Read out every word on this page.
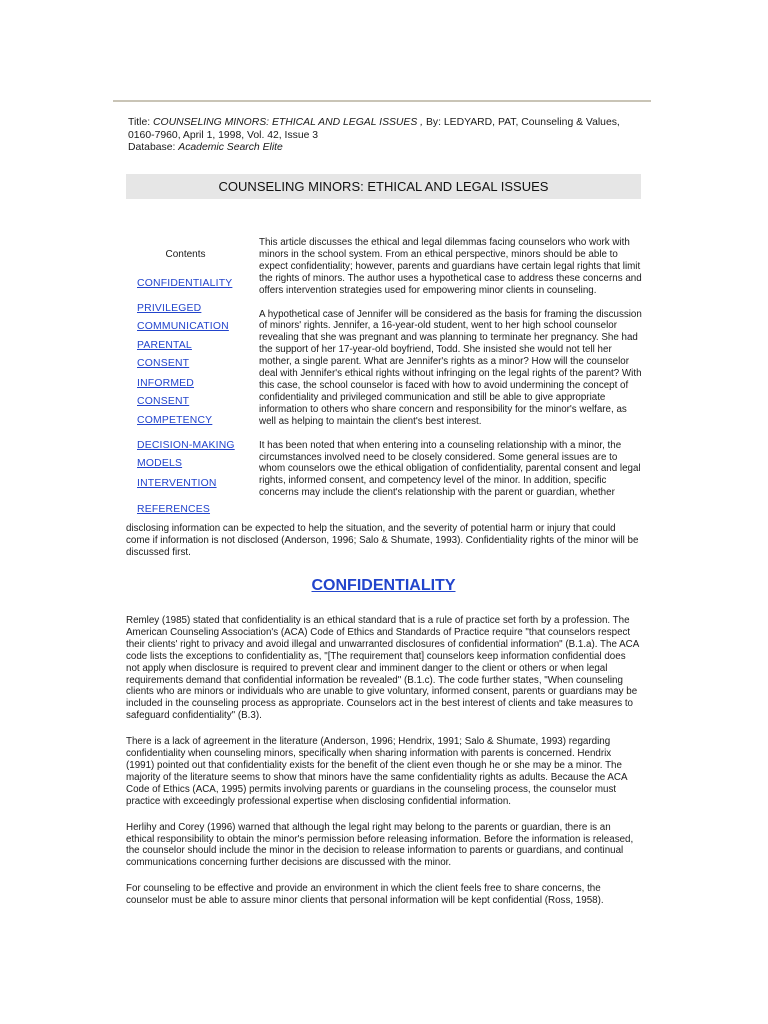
Title: COUNSELING MINORS: ETHICAL AND LEGAL ISSUES , By: LEDYARD, PAT, Counseling & Values, 0160-7960, April 1, 1998, Vol. 42, Issue 3
Database: Academic Search Elite
COUNSELING MINORS: ETHICAL AND LEGAL ISSUES
Contents
CONFIDENTIALITY
PRIVILEGED
COMMUNICATION
PARENTAL
CONSENT
INFORMED
CONSENT
COMPETENCY
DECISION-MAKING
MODELS
INTERVENTION
REFERENCES

This article discusses the ethical and legal dilemmas facing counselors who work with minors in the school system. From an ethical perspective, minors should be able to expect confidentiality; however, parents and guardians have certain legal rights that limit the rights of minors. The author uses a hypothetical case to address these concerns and offers intervention strategies used for empowering minor clients in counseling.

A hypothetical case of Jennifer will be considered as the basis for framing the discussion of minors' rights. Jennifer, a 16-year-old student, went to her high school counselor revealing that she was pregnant and was planning to terminate her pregnancy. She had the support of her 17-year-old boyfriend, Todd. She insisted she would not tell her mother, a single parent. What are Jennifer's rights as a minor? How will the counselor deal with Jennifer's ethical rights without infringing on the legal rights of the parent? With this case, the school counselor is faced with how to avoid undermining the concept of confidentiality and privileged communication and still be able to give appropriate information to others who share concern and responsibility for the minor's welfare, as well as helping to maintain the client's best interest.

It has been noted that when entering into a counseling relationship with a minor, the circumstances involved need to be closely considered. Some general issues are to whom counselors owe the ethical obligation of confidentiality, parental consent and legal rights, informed consent, and competency level of the minor. In addition, specific concerns may include the client's relationship with the parent or guardian, whether

disclosing information can be expected to help the situation, and the severity of potential harm or injury that could come if information is not disclosed (Anderson, 1996; Salo & Shumate, 1993). Confidentiality rights of the minor will be discussed first.
CONFIDENTIALITY

Remley (1985) stated that confidentiality is an ethical standard that is a rule of practice set forth by a profession. The American Counseling Association's (ACA) Code of Ethics and Standards of Practice require "that counselors respect their clients' right to privacy and avoid illegal and unwarranted disclosures of confidential information" (B.1.a). The ACA code lists the exceptions to confidentiality as, "[The requirement that] counselors keep information confidential does not apply when disclosure is required to prevent clear and imminent danger to the client or others or when legal requirements demand that confidential information be revealed" (B.1.c). The code further states, "When counseling clients who are minors or individuals who are unable to give voluntary, informed consent, parents or guardians may be included in the counseling process as appropriate. Counselors act in the best interest of clients and take measures to safeguard confidentiality" (B.3).

There is a lack of agreement in the literature (Anderson, 1996; Hendrix, 1991; Salo & Shumate, 1993) regarding confidentiality when counseling minors, specifically when sharing information with parents is concerned. Hendrix (1991) pointed out that confidentiality exists for the benefit of the client even though he or she may be a minor. The majority of the literature seems to show that minors have the same confidentiality rights as adults. Because the ACA Code of Ethics (ACA, 1995) permits involving parents or guardians in the counseling process, the counselor must practice with exceedingly professional expertise when disclosing confidential information.

Herlihy and Corey (1996) warned that although the legal right may belong to the parents or guardian, there is an ethical responsibility to obtain the minor's permission before releasing information. Before the information is released, the counselor should include the minor in the decision to release information to parents or guardians, and continual communications concerning further decisions are discussed with the minor.

For counseling to be effective and provide an environment in which the client feels free to share concerns, the counselor must be able to assure minor clients that personal information will be kept confidential (Ross, 1958).
